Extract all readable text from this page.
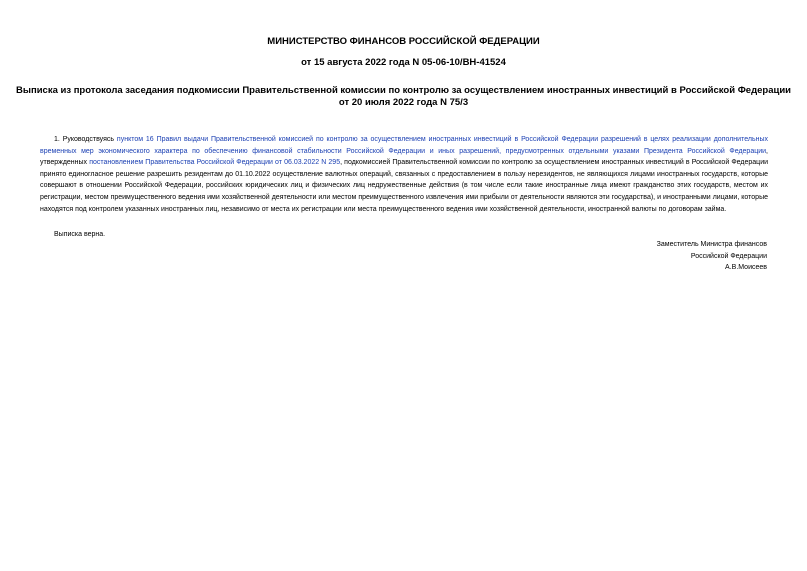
МИНИСТЕРСТВО ФИНАНСОВ РОССИЙСКОЙ ФЕДЕРАЦИИ

от 15 августа 2022 года N 05-06-10/ВН-41524

Выписка из протокола заседания подкомиссии Правительственной комиссии по контролю за осуществлением иностранных инвестиций в Российской Федерации
от 20 июля 2022 года N 75/3

1. Руководствуясь пунктом 16 Правил выдачи Правительственной комиссией по контролю за осуществлением иностранных инвестиций в Российской Федерации разрешений в целях реализации дополнительных временных мер экономического характера по обеспечению финансовой стабильности Российской Федерации и иных разрешений, предусмотренных отдельными указами Президента Российской Федерации, утвержденных постановлением Правительства Российской Федерации от 06.03.2022 N 295, подкомиссией Правительственной комиссии по контролю за осуществлением иностранных инвестиций в Российской Федерации принято единогласное решение разрешить резидентам до 01.10.2022 осуществление валютных операций, связанных с предоставлением в пользу нерезидентов, не являющихся лицами иностранных государств, которые совершают в отношении Российской Федерации, российских юридических лиц и физических лиц недружественные действия (в том числе если такие иностранные лица имеют гражданство этих государств, местом их регистрации, местом преимущественного ведения ими хозяйственной деятельности или местом преимущественного извлечения ими прибыли от деятельности являются эти государства), и иностранными лицами, которые находятся под контролем указанных иностранных лиц, независимо от места их регистрации или места преимущественного ведения ими хозяйственной деятельности, иностранной валюты по договорам займа.

Выписка верна.

Заместитель Министра финансов
Российской Федерации
А.В.Моисеев
